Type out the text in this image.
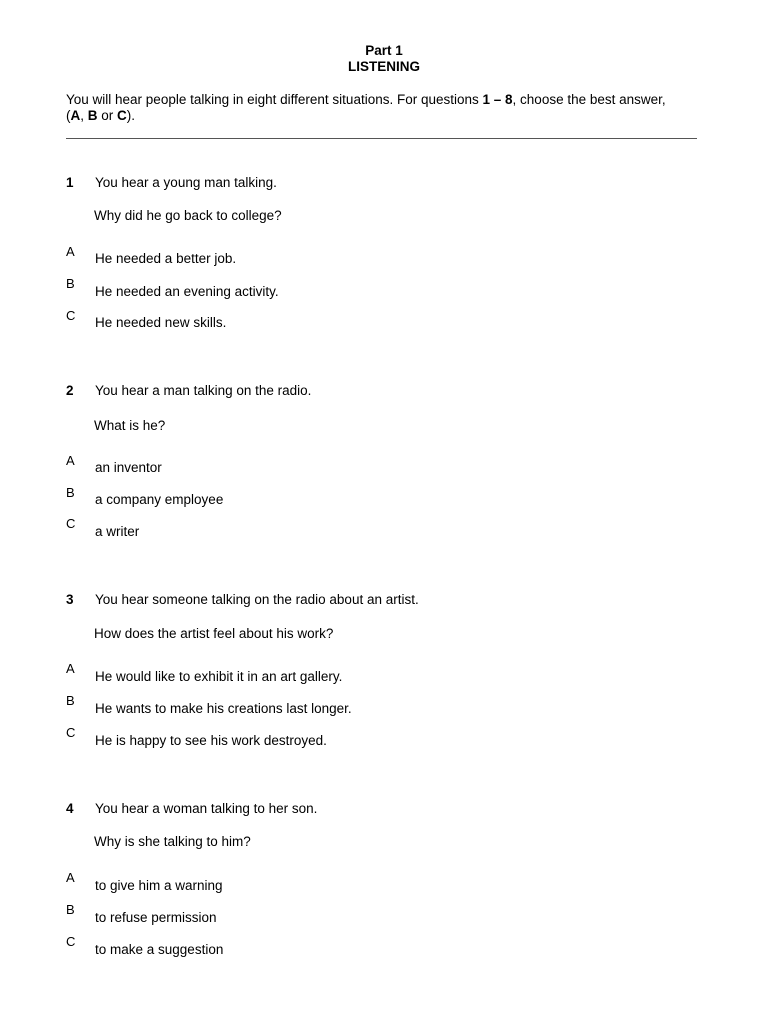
Part 1
LISTENING
You will hear people talking in eight different situations. For questions 1 – 8, choose the best answer,
(A, B or C).
1 You hear a young man talking.
Why did he go back to college?
A He needed a better job.
B
He needed an evening activity.
C He needed new skills.
2 You hear a man talking on the radio.
What is he?
A an inventor
B a company employee
C
a writer
3 You hear someone talking on the radio about an artist.
How does the artist feel about his work?
A
He would like to exhibit it in an art gallery.
B
He wants to make his creations last longer.
C
He is happy to see his work destroyed.
4 You hear a woman talking to her son.
Why is she talking to him?
A
to give him a warning
B
to refuse permission
C
to make a suggestion
